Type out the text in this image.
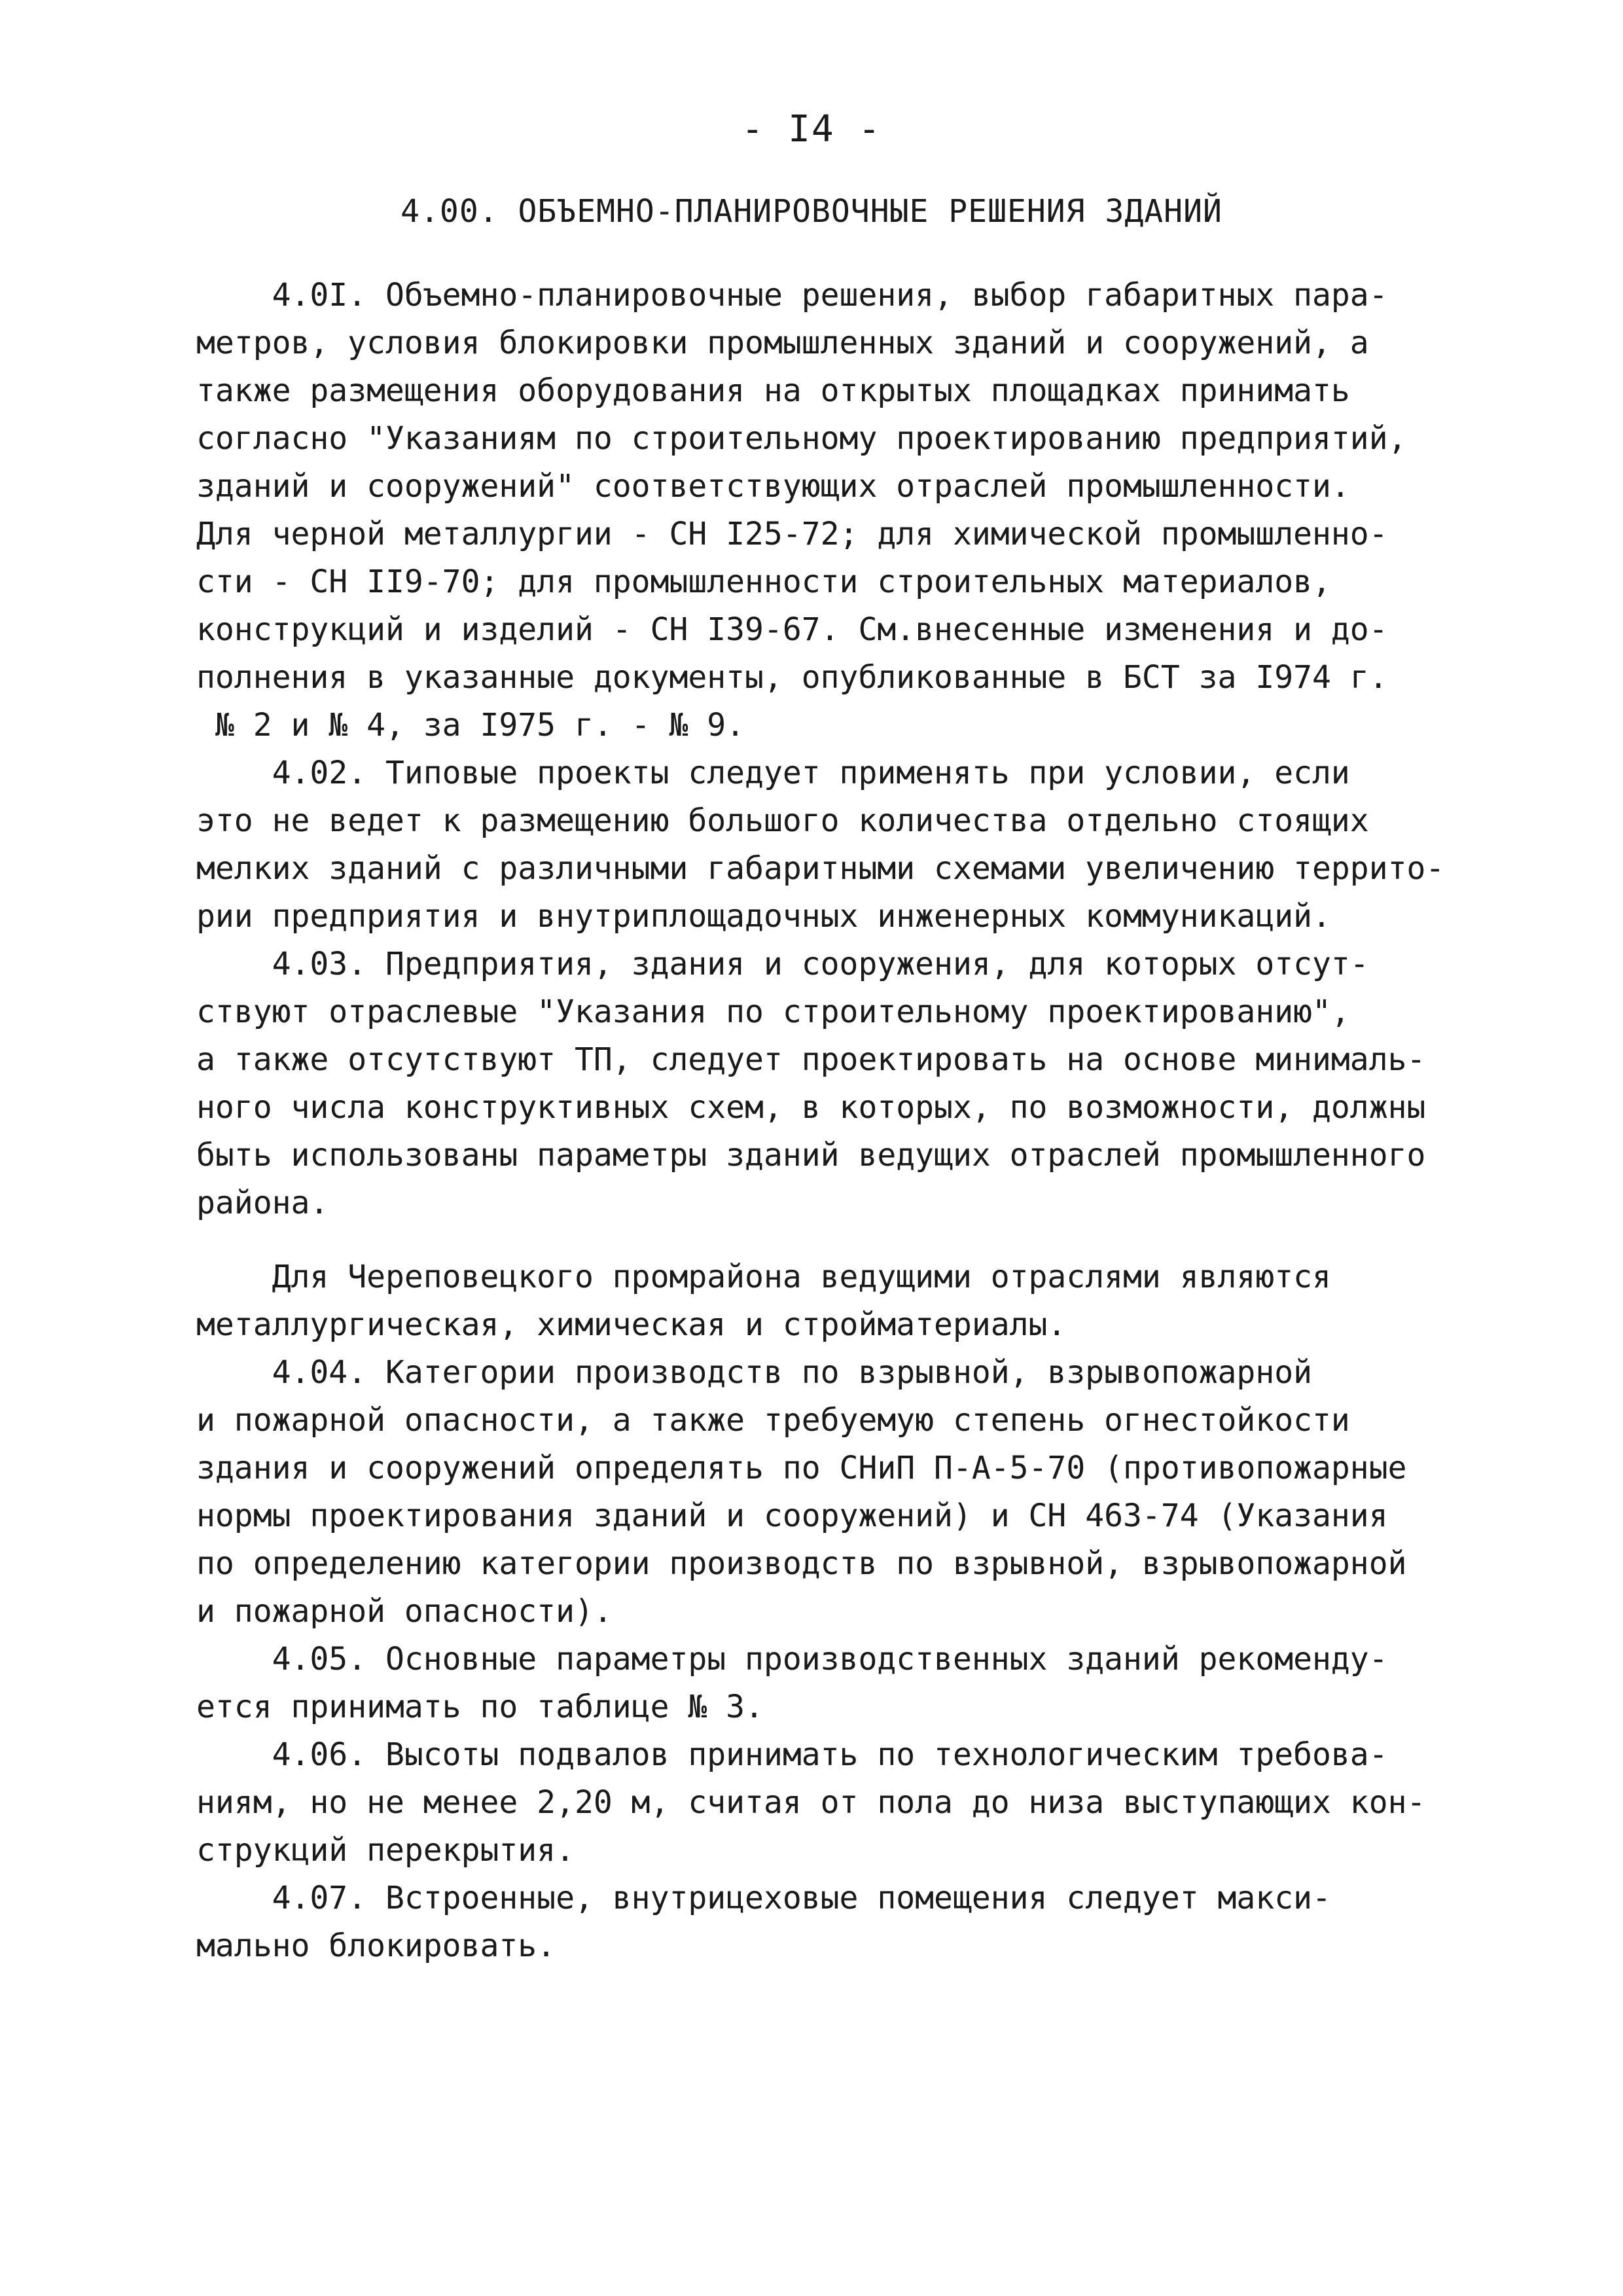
- I4 -
4.00. ОБЪЕМНО-ПЛАНИРОВОЧНЫЕ РЕШЕНИЯ ЗДАНИЙ
4.0I. Объемно-планировочные решения, выбор габаритных пара-
метров, условия блокировки промышленных зданий и сооружений, а
также размещения оборудования на открытых площадках принимать
согласно "Указаниям по строительному проектированию предприятий,
зданий и сооружений" соответствующих отраслей промышленности.
Для черной металлургии - СН I25-72; для химической промышленно-
сти - СН II9-70; для промышленности строительных материалов,
конструкций и изделий - СН I39-67. См.внесенные изменения и до-
полнения в указанные документы, опубликованные в БСТ за I974 г.
№ 2 и № 4, за I975 г. - № 9.
4.02. Типовые проекты следует применять при условии, если
это не ведет к размещению большого количества отдельно стоящих
мелких зданий с различными габаритными схемами увеличению террито-
рии предприятия и внутриплощадочных инженерных коммуникаций.
4.03. Предприятия, здания и сооружения, для которых отсут-
ствуют отраслевые "Указания по строительному проектированию",
а также отсутствуют ТП, следует проектировать на основе минималь-
ного числа конструктивных схем, в которых, по возможности, должны
быть использованы параметры зданий ведущих отраслей промышленного
района.
Для Череповецкого промрайона ведущими отраслями являются
металлургическая, химическая и стройматериалы.
4.04. Категории производств по взрывной, взрывопожарной
и пожарной опасности, а также требуемую степень огнестойкости
здания и сооружений определять по СНиП П-А-5-70 (противопожарные
нормы проектирования зданий и сооружений) и СН 463-74 (Указания
по определению категории производств по взрывной, взрывопожарной
и пожарной опасности).
4.05. Основные параметры производственных зданий рекоменду-
ется принимать по таблице № 3.
4.06. Высоты подвалов принимать по технологическим требова-
ниям, но не менее 2,20 м, считая от пола до низа выступающих кон-
струкций перекрытия.
4.07. Встроенные, внутрицеховые помещения следует макси-
мально блокировать.
